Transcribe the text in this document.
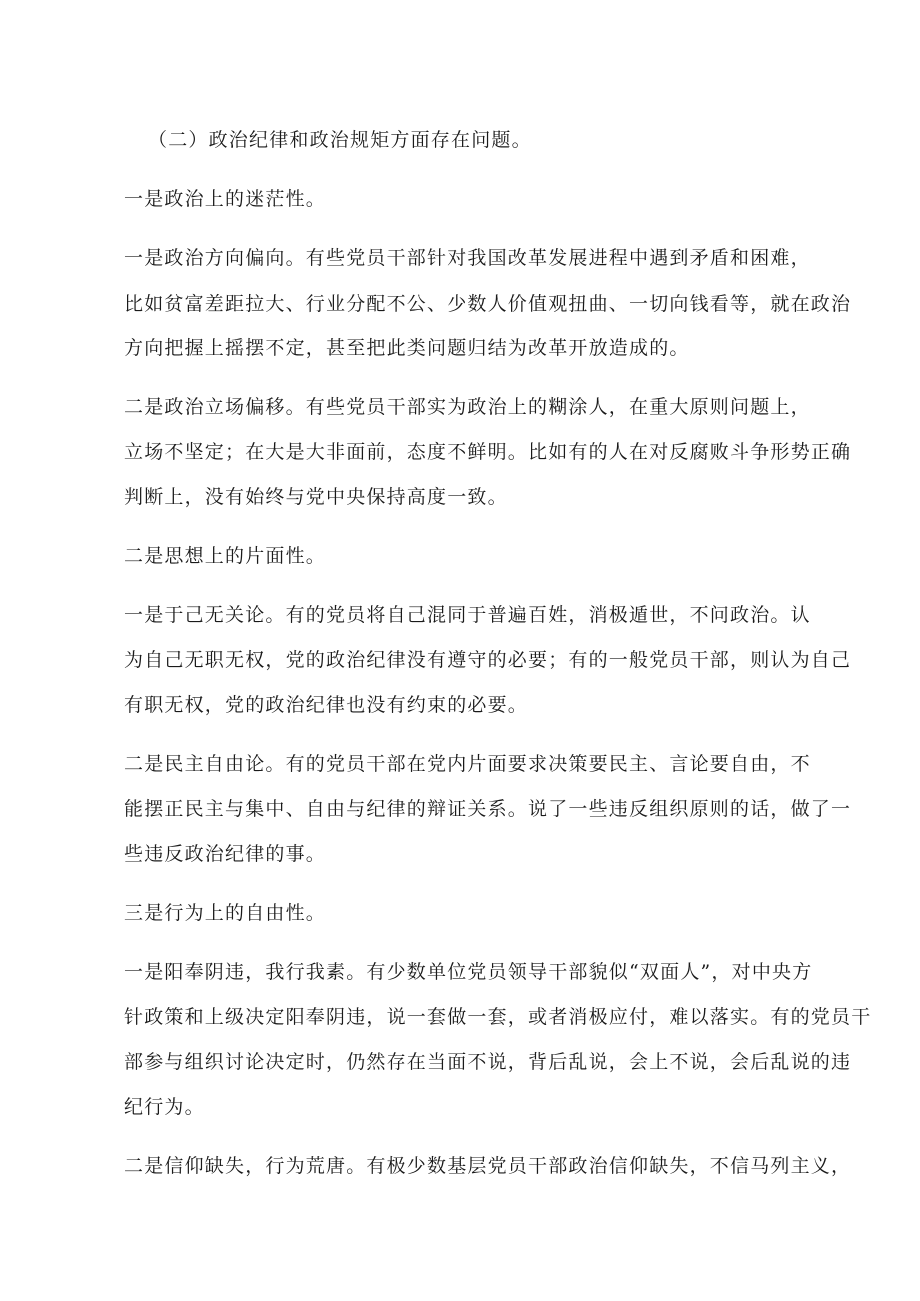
（二）政治纪律和政治规矩方面存在问题。
一是政治上的迷茫性。
一是政治方向偏向。有些党员干部针对我国改革发展进程中遇到矛盾和困难，
比如贫富差距拉大、行业分配不公、少数人价值观扭曲、一切向钱看等，就在政治
方向把握上摇摆不定，甚至把此类问题归结为改革开放造成的。
二是政治立场偏移。有些党员干部实为政治上的糊涂人，在重大原则问题上，
立场不坚定；在大是大非面前，态度不鲜明。比如有的人在对反腐败斗争形势正确
判断上，没有始终与党中央保持高度一致。
二是思想上的片面性。
一是于己无关论。有的党员将自己混同于普遍百姓，消极遁世，不问政治。认
为自己无职无权，党的政治纪律没有遵守的必要；有的一般党员干部，则认为自己
有职无权，党的政治纪律也没有约束的必要。
二是民主自由论。有的党员干部在党内片面要求决策要民主、言论要自由，不
能摆正民主与集中、自由与纪律的辩证关系。说了一些违反组织原则的话，做了一
些违反政治纪律的事。
三是行为上的自由性。
一是阳奉阴违，我行我素。有少数单位党员领导干部貌似“双面人”，对中央方
针政策和上级决定阳奉阴违，说一套做一套，或者消极应付，难以落实。有的党员干
部参与组织讨论决定时，仍然存在当面不说，背后乱说，会上不说，会后乱说的违
纪行为。
二是信仰缺失，行为荒唐。有极少数基层党员干部政治信仰缺失，不信马列主义，
